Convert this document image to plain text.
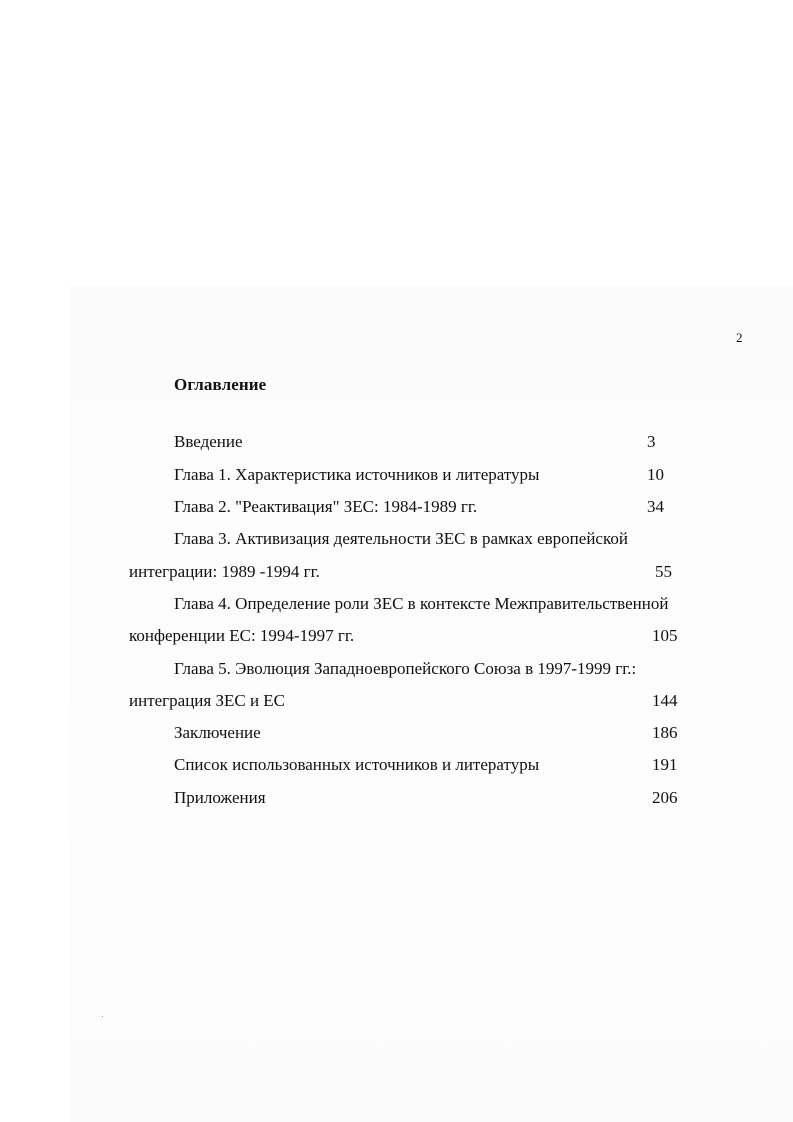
2
Оглавление
Введение	3
Глава 1. Характеристика источников и литературы	10
Глава 2. "Реактивация" ЗЕС: 1984-1989 гг.	34
Глава 3. Активизация деятельности ЗЕС в рамках европейской
интеграции: 1989 -1994 гг.	55
Глава 4. Определение роли ЗЕС в контексте Межправительственной
конференции ЕС: 1994-1997 гг.	105
Глава 5. Эволюция Западноевропейского Союза в 1997-1999 гг.:
интеграция ЗЕС и ЕС	144
Заключение	186
Список использованных источников и литературы	191
Приложения	206
